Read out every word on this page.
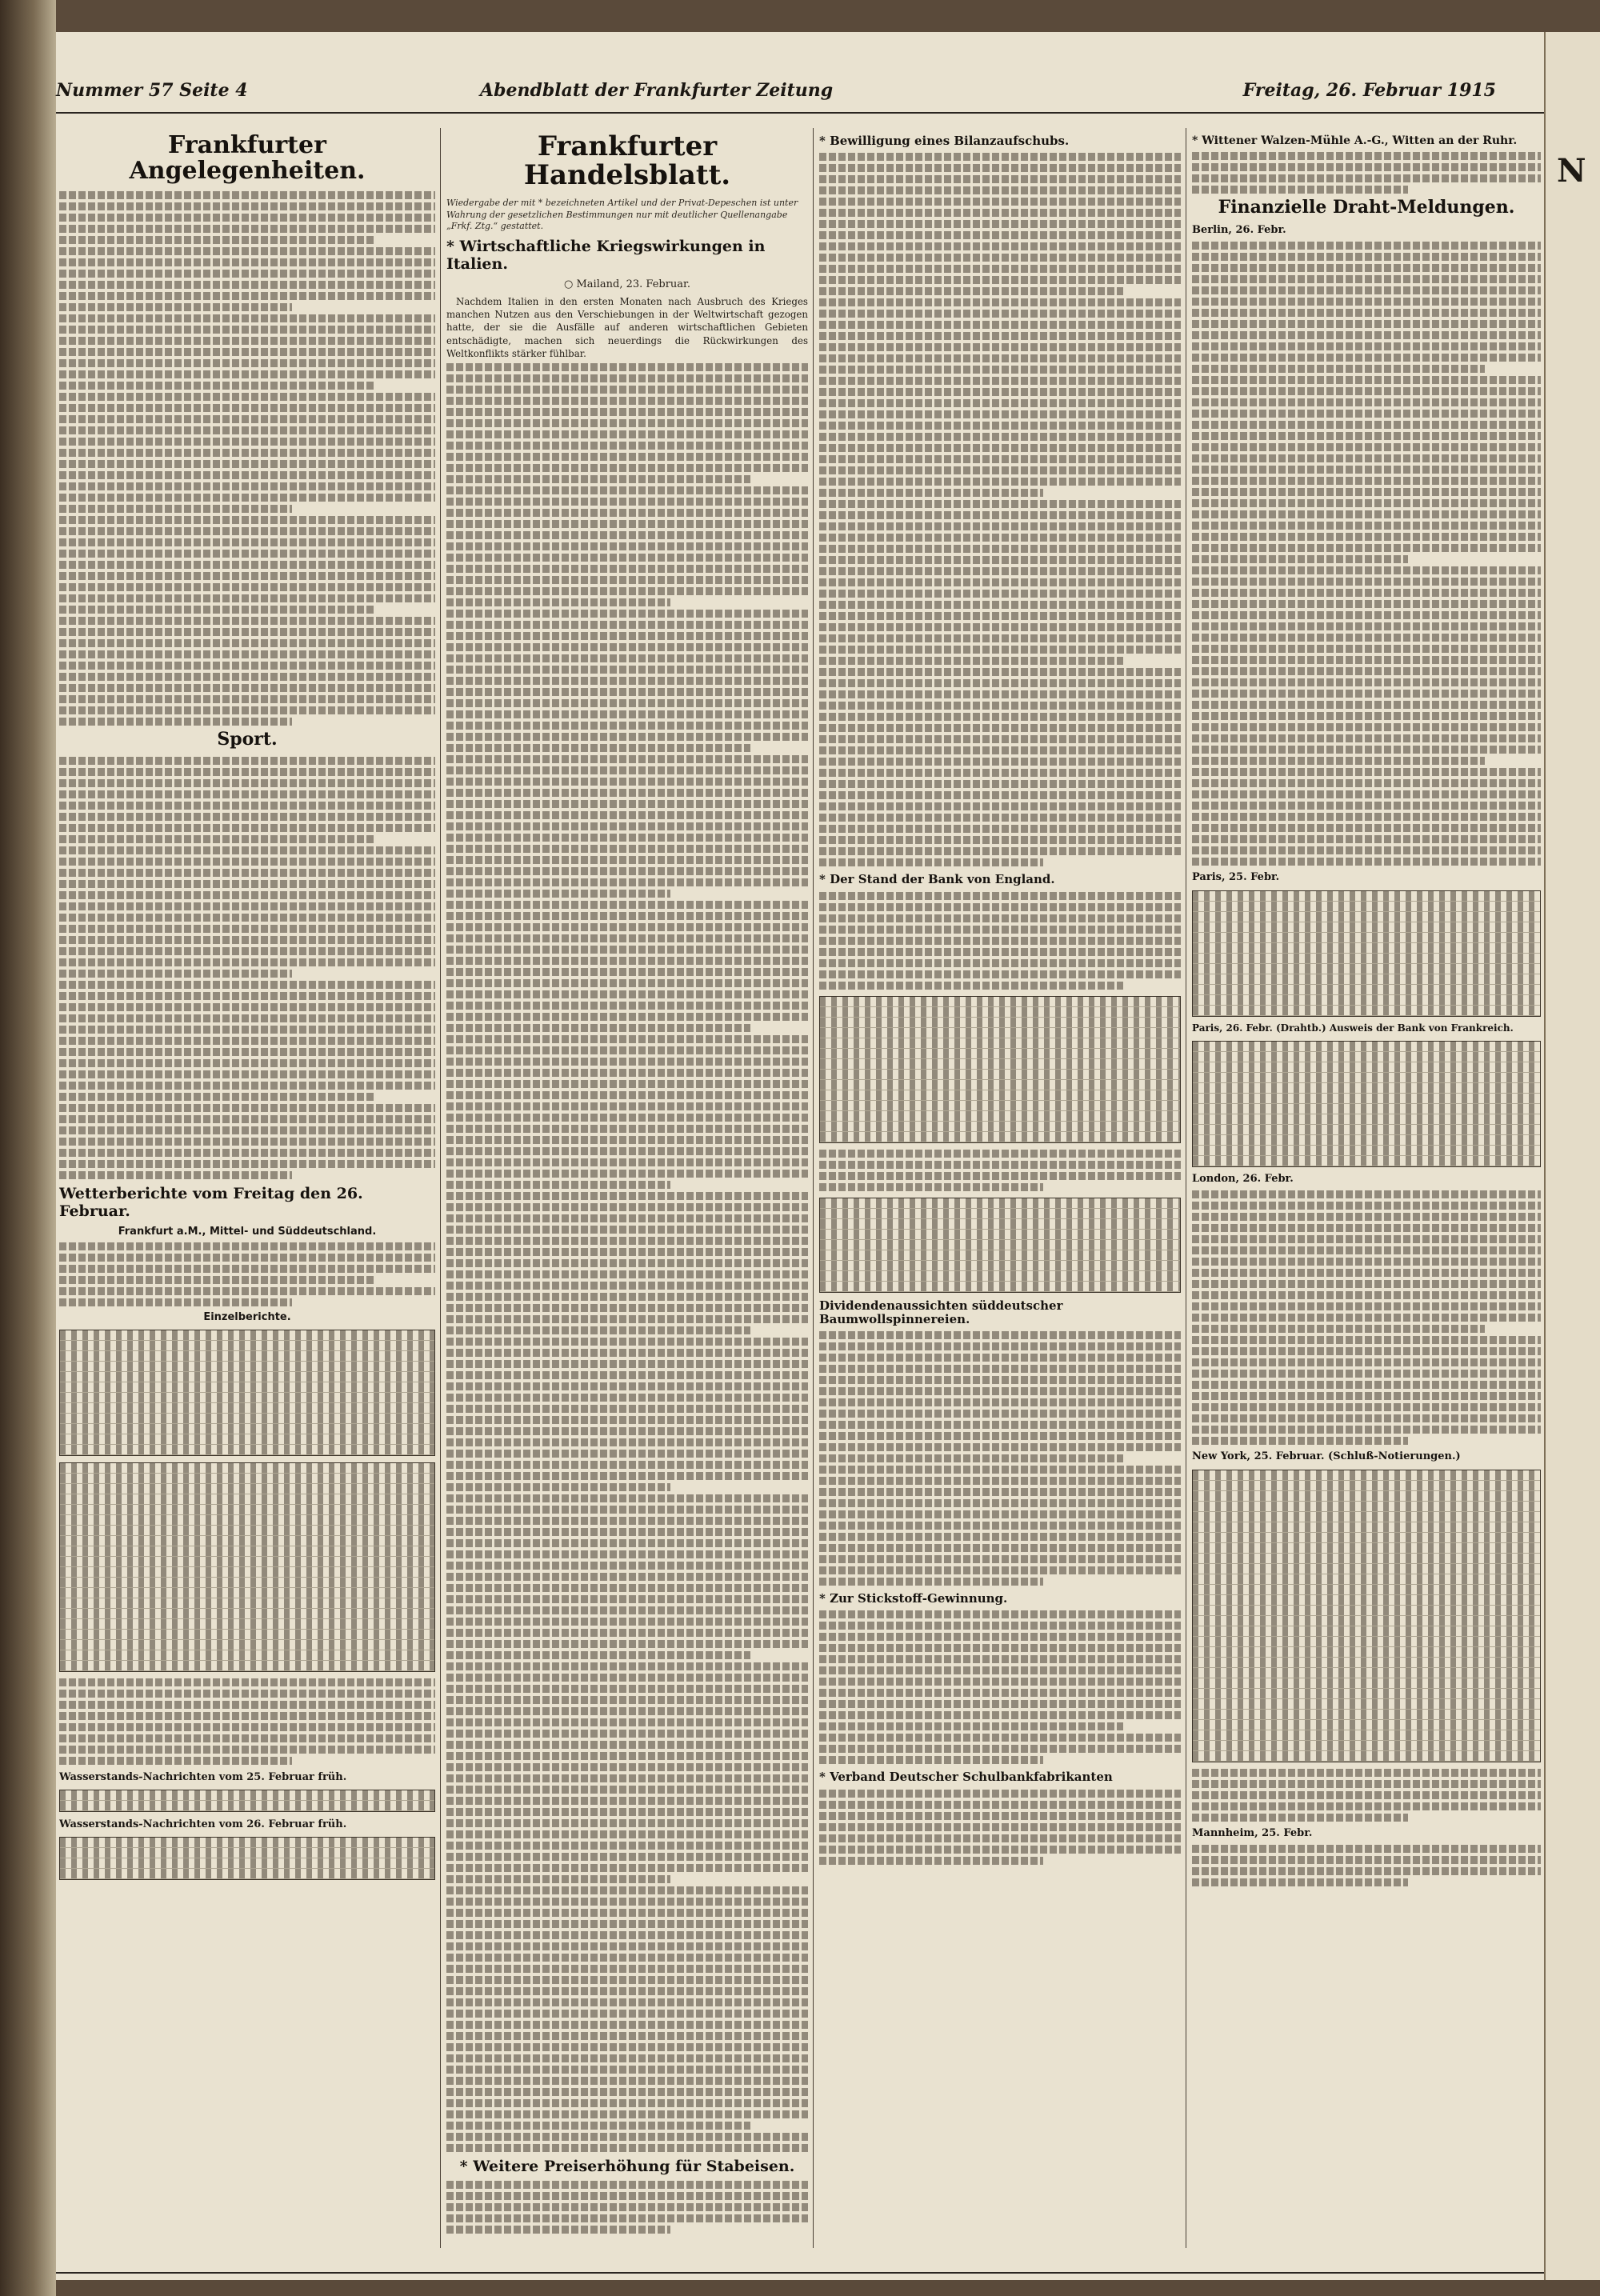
Nummer 57 Seite 4	Abendblatt der Frankfurter Zeitung	Freitag, 26. Februar 1915
Frankfurter Angelegenheiten.
Sport.
Wetterberichte vom Freitag den 26. Februar.
Frankfurt a.M., Mittel- und Süddeutschland.
Einzelberichte.
Wasserstands-Nachrichten vom 25. Februar früh.
Wasserstands-Nachrichten vom 26. Februar früh.
Frankfurter Handelsblatt.
Wiedergabe der mit * bezeichneten Artikel und der Privat-Depeschen ist unter Wahrung der gesetzlichen Bestimmungen nur mit deutlicher Quellenangabe „Frkf. Ztg.“ gestattet.
* Wirtschaftliche Kriegswirkungen in Italien.
○ Mailand, 23. Februar.

Nachdem Italien in den ersten Monaten nach Ausbruch des Krieges manchen Nutzen aus den Verschiebungen in der Weltwirtschaft gezogen hatte, der sie die Ausfälle auf anderen wirtschaftlichen Gebieten entschädigte, machen sich neuerdings die Rückwirkungen des Weltkonflikts stärker fühlbar.

* Weitere Preiserhöhung für Stabeisen.
* Bewilligung eines Bilanzaufschubs.
* Der Stand der Bank von England.
Dividendenaussichten süddeutscher Baumwollspinnereien.
* Zur Stickstoff-Gewinnung.
* Verband Deutscher Schulbankfabrikanten
* Wittener Walzen-Mühle A.-G., Witten an der Ruhr.
Finanzielle Draht-Meldungen.
Berlin, 26. Febr.
Paris, 25. Febr.
Paris, 26. Febr. (Drahtb.) Ausweis der Bank von Frankreich.
London, 26. Febr.
New York, 25. Februar. (Schluß-Notierungen.)
Mannheim, 25. Febr.
N
